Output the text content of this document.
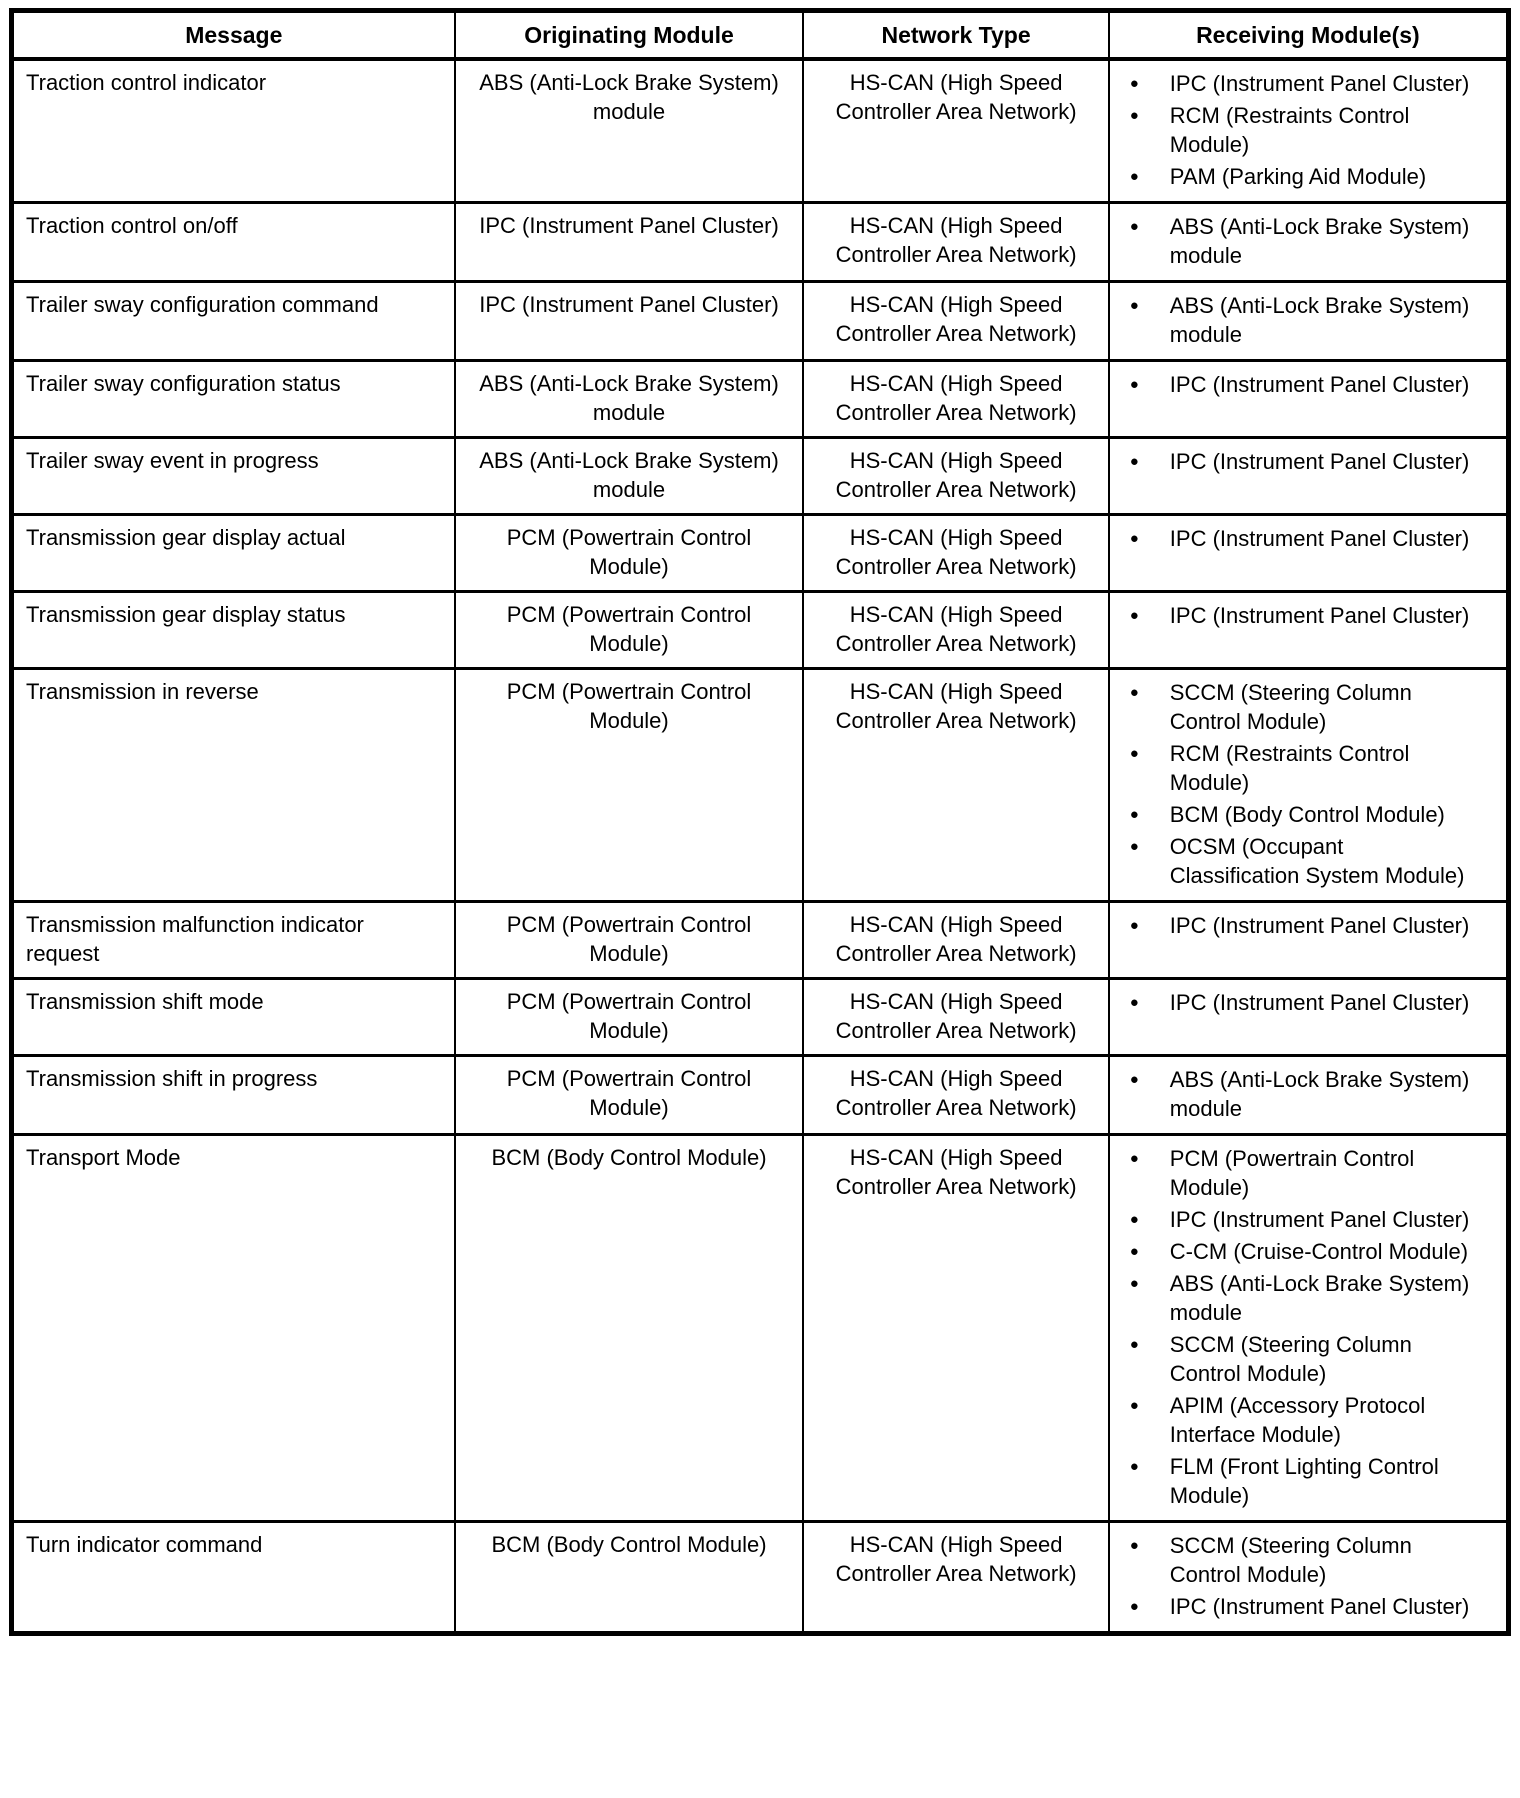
Message	Originating Module	Network Type	Receiving Module(s)
Traction control indicator	ABS (Anti-Lock Brake System) module	HS-CAN (High Speed Controller Area Network)	
●	IPC (Instrument Panel Cluster)
●	RCM (Restraints Control Module)
●	PAM (Parking Aid Module)

Traction control on/off	IPC (Instrument Panel Cluster)	HS-CAN (High Speed Controller Area Network)	
●	ABS (Anti-Lock Brake System) module

Trailer sway configuration command	IPC (Instrument Panel Cluster)	HS-CAN (High Speed Controller Area Network)	
●	ABS (Anti-Lock Brake System) module

Trailer sway configuration status	ABS (Anti-Lock Brake System) module	HS-CAN (High Speed Controller Area Network)	
●	IPC (Instrument Panel Cluster)

Trailer sway event in progress	ABS (Anti-Lock Brake System) module	HS-CAN (High Speed Controller Area Network)	
●	IPC (Instrument Panel Cluster)

Transmission gear display actual	PCM (Powertrain Control Module)	HS-CAN (High Speed Controller Area Network)	
●	IPC (Instrument Panel Cluster)

Transmission gear display status	PCM (Powertrain Control Module)	HS-CAN (High Speed Controller Area Network)	
●	IPC (Instrument Panel Cluster)

Transmission in reverse	PCM (Powertrain Control Module)	HS-CAN (High Speed Controller Area Network)	
●	SCCM (Steering Column Control Module)
●	RCM (Restraints Control Module)
●	BCM (Body Control Module)
●	OCSM (Occupant Classification System Module)

Transmission malfunction indicator request	PCM (Powertrain Control Module)	HS-CAN (High Speed Controller Area Network)	
●	IPC (Instrument Panel Cluster)

Transmission shift mode	PCM (Powertrain Control Module)	HS-CAN (High Speed Controller Area Network)	
●	IPC (Instrument Panel Cluster)

Transmission shift in progress	PCM (Powertrain Control Module)	HS-CAN (High Speed Controller Area Network)	
●	ABS (Anti-Lock Brake System) module

Transport Mode	BCM (Body Control Module)	HS-CAN (High Speed Controller Area Network)	
●	PCM (Powertrain Control Module)
●	IPC (Instrument Panel Cluster)
●	C-CM (Cruise-Control Module)
●	ABS (Anti-Lock Brake System) module
●	SCCM (Steering Column Control Module)
●	APIM (Accessory Protocol Interface Module)
●	FLM (Front Lighting Control Module)

Turn indicator command	BCM (Body Control Module)	HS-CAN (High Speed Controller Area Network)	
●	SCCM (Steering Column Control Module)
●	IPC (Instrument Panel Cluster)
